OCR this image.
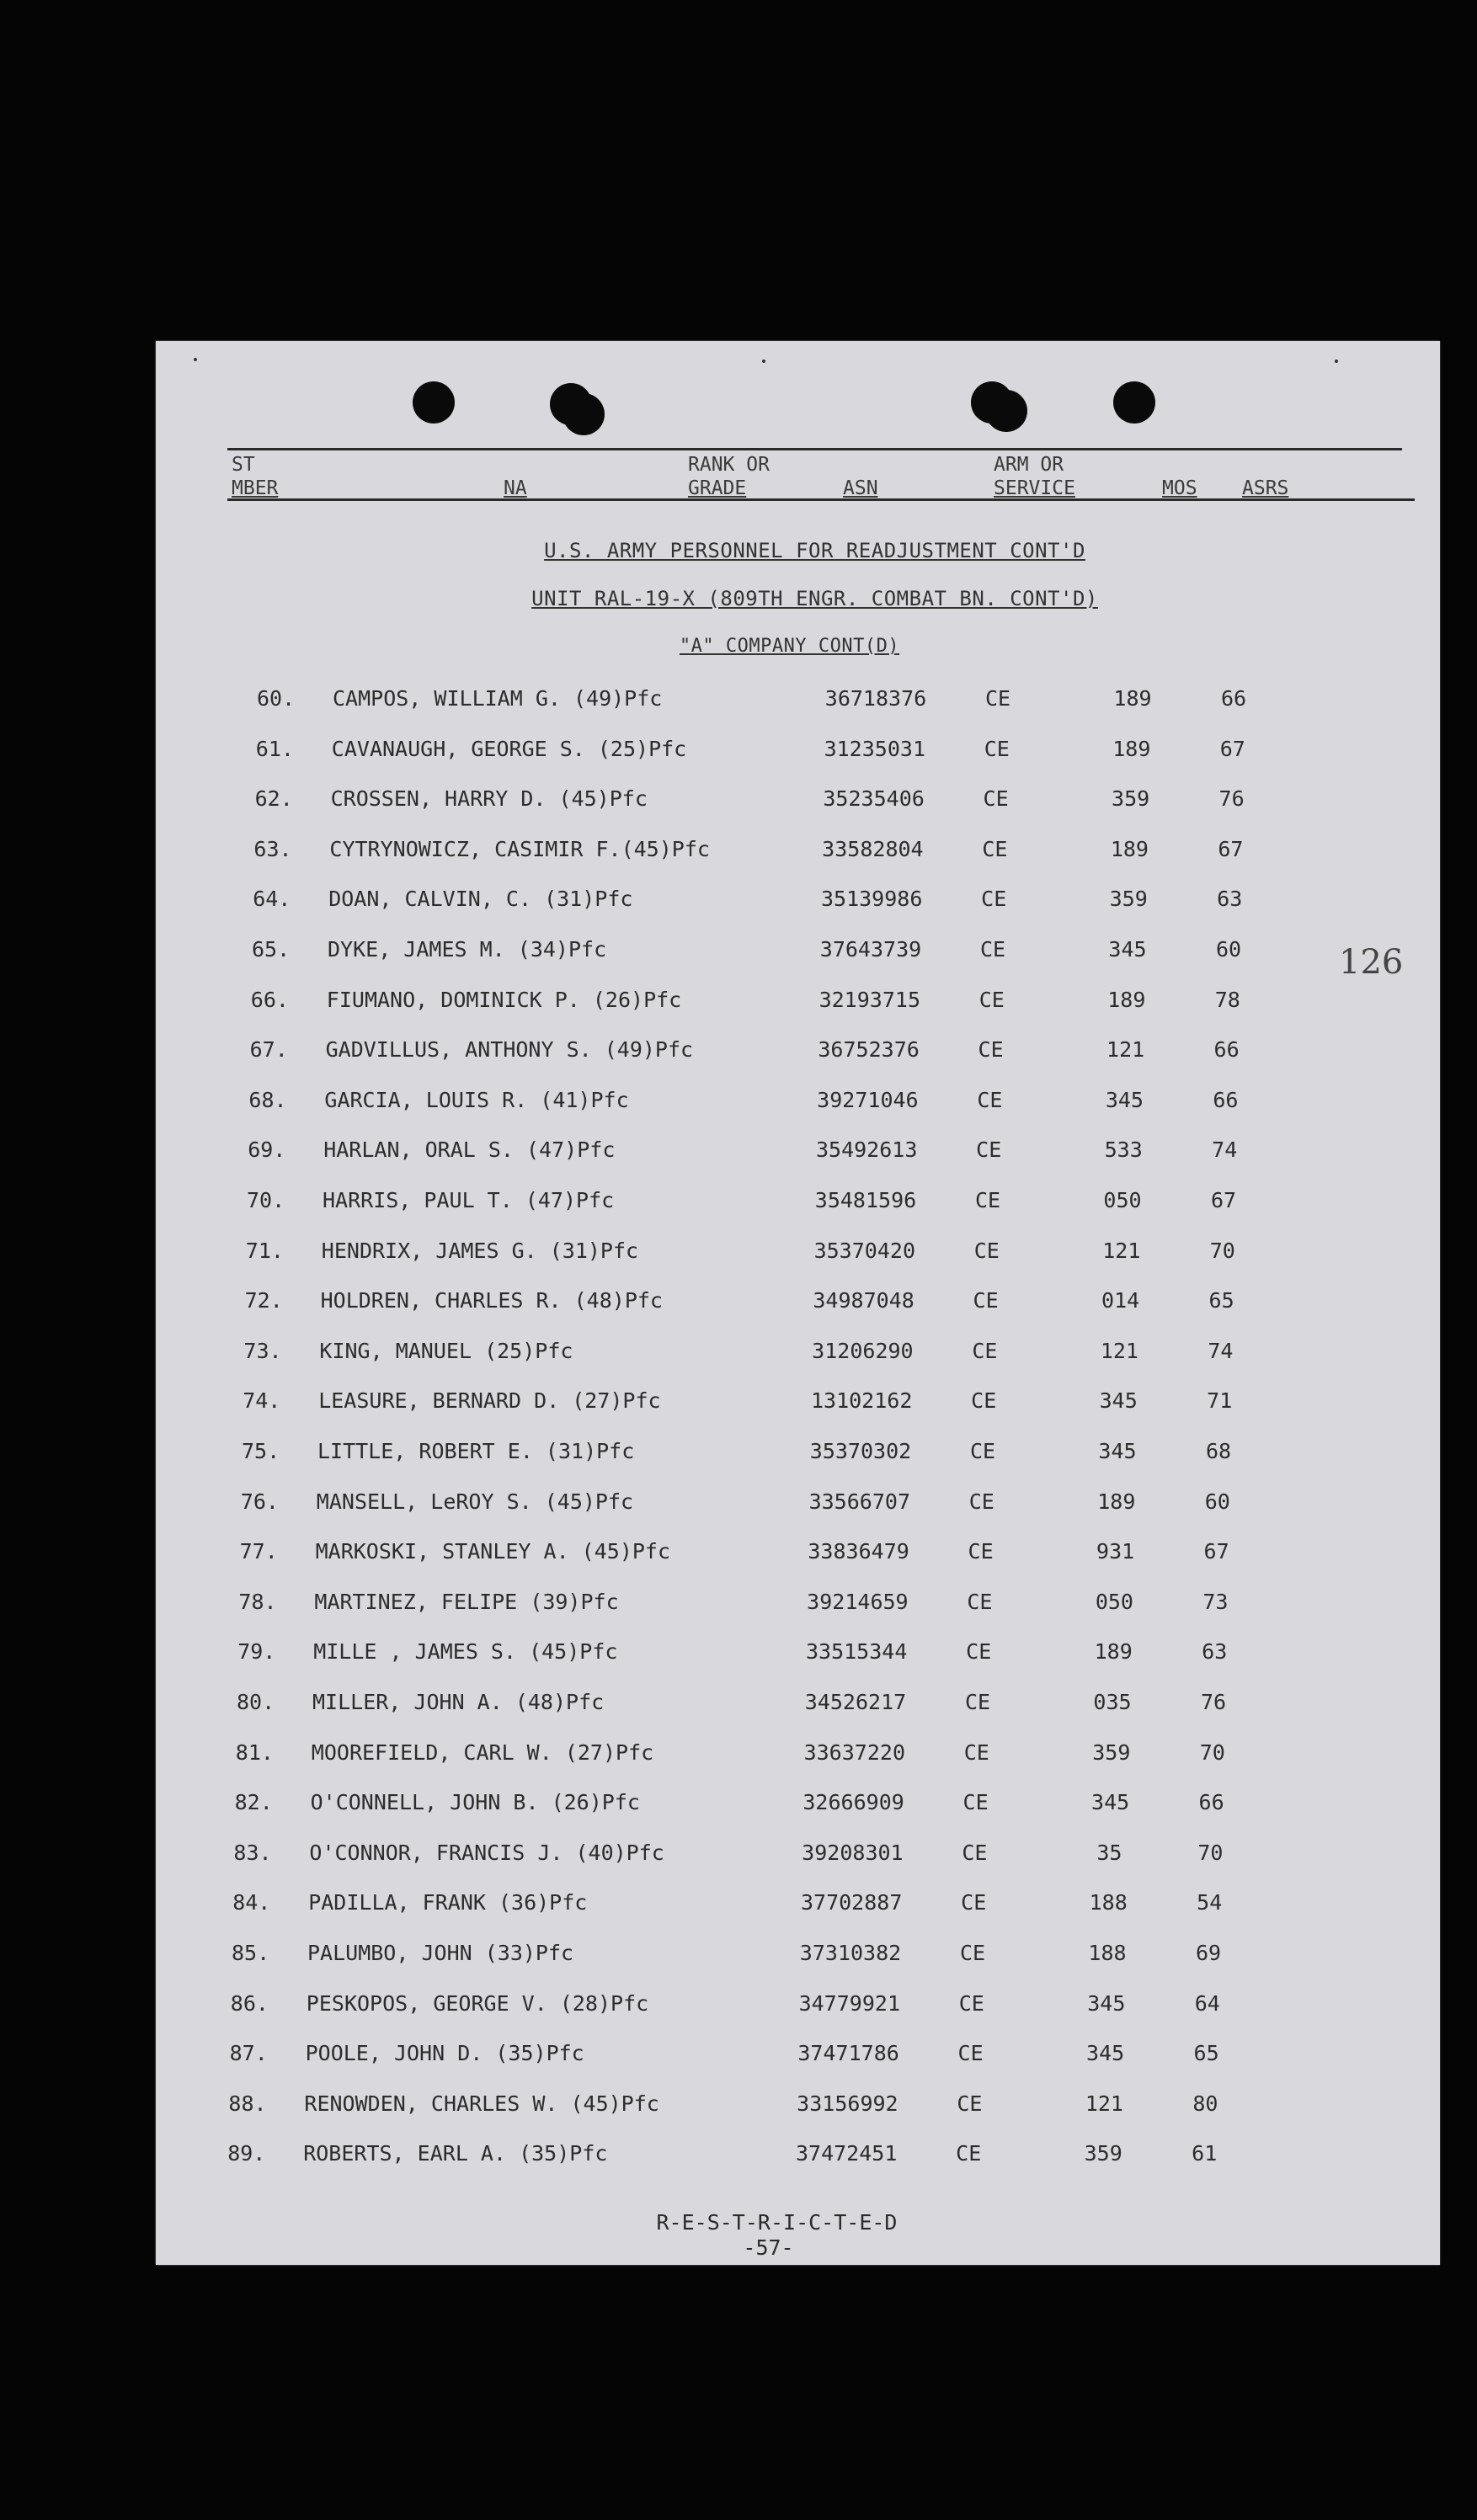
ST
MBER	NA
RANK OR
GRADE	ASN
ARM OR
SERVICE	MOS ASRS
U.S. ARMY PERSONNEL FOR READJUSTMENT CONT'D
UNIT RAL-19-X (809TH ENGR. COMBAT BN. CONT'D)
"A" COMPANY CONT(D)
60.	CAMPOS, WILLIAM G. (49)Pfc	36718376	CE	189	66
61.	CAVANAUGH, GEORGE S. (25)Pfc	31235031	CE	189	67
62.	CROSSEN, HARRY D. (45)Pfc	35235406	CE	359	76
63.	CYTRYNOWICZ, CASIMIR F.(45)Pfc	33582804	CE	189	67
64.	DOAN, CALVIN, C. (31)Pfc	35139986	CE	359	63
65.	DYKE, JAMES M. (34)Pfc	37643739	CE	345	60
66.	FIUMANO, DOMINICK P. (26)Pfc	32193715	CE	189	78
67.	GADVILLUS, ANTHONY S. (49)Pfc	36752376	CE	121	66
68.	GARCIA, LOUIS R. (41)Pfc	39271046	CE	345	66
69.	HARLAN, ORAL S. (47)Pfc	35492613	CE	533	74
70.	HARRIS, PAUL T. (47)Pfc	35481596	CE	050	67
71.	HENDRIX, JAMES G. (31)Pfc	35370420	CE	121	70
72.	HOLDREN, CHARLES R. (48)Pfc	34987048	CE	014	65
73.	KING, MANUEL (25)Pfc	31206290	CE	121	74
74.	LEASURE, BERNARD D. (27)Pfc	13102162	CE	345	71
75.	LITTLE, ROBERT E. (31)Pfc	35370302	CE	345	68
76.	MANSELL, LeROY S. (45)Pfc	33566707	CE	189	60
77.	MARKOSKI, STANLEY A. (45)Pfc	33836479	CE	931	67
78.	MARTINEZ, FELIPE (39)Pfc	39214659	CE	050	73
79.	MILLE , JAMES S. (45)Pfc	33515344	CE	189	63
80.	MILLER, JOHN A. (48)Pfc	34526217	CE	035	76
81.	MOOREFIELD, CARL W. (27)Pfc	33637220	CE	359	70
82.	O'CONNELL, JOHN B. (26)Pfc	32666909	CE	345	66
83.	O'CONNOR, FRANCIS J. (40)Pfc	39208301	CE	35	70
84.	PADILLA, FRANK (36)Pfc	37702887	CE	188	54
85.	PALUMBO, JOHN (33)Pfc	37310382	CE	188	69
86.	PESKOPOS, GEORGE V. (28)Pfc	34779921	CE	345	64
87.	POOLE, JOHN D. (35)Pfc	37471786	CE	345	65
88.	RENOWDEN, CHARLES W. (45)Pfc	33156992	CE	121	80
89.	ROBERTS, EARL A. (35)Pfc	37472451	CE	359	61
R-E-S-T-R-I-C-T-E-D
-57-
126
